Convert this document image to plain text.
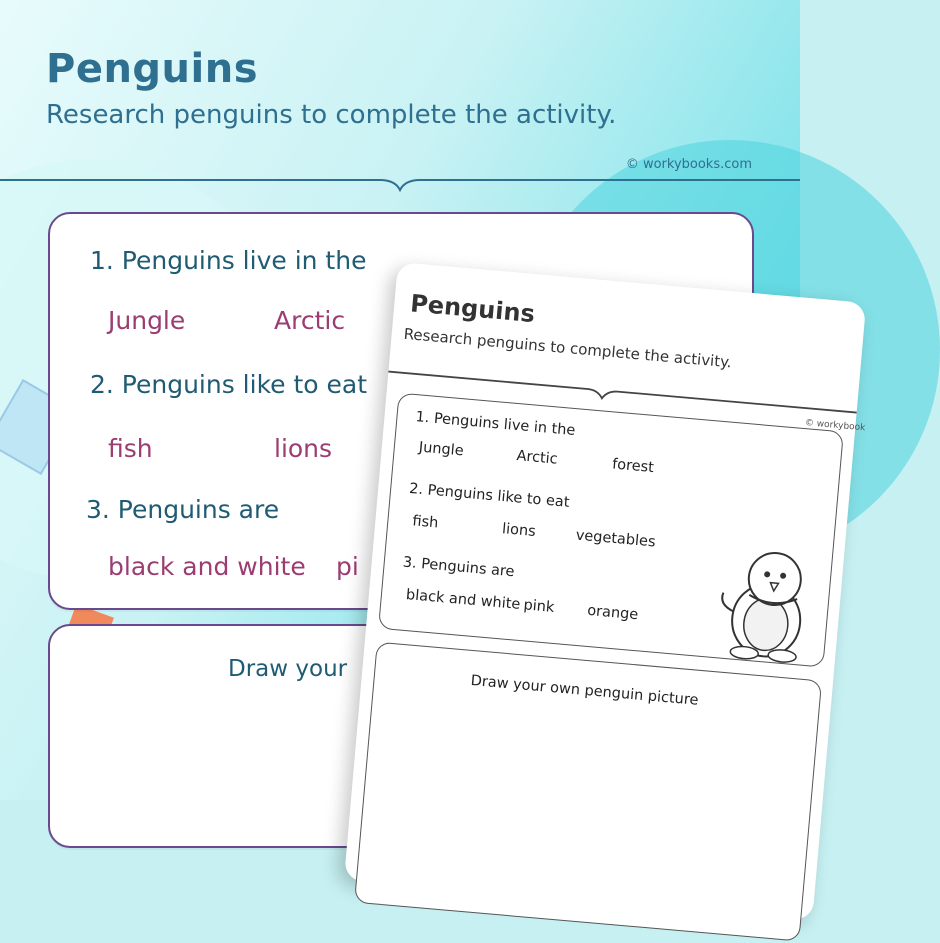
Penguins
Research penguins to complete the activity.
© workybooks.com
1. Penguins live in the
Jungle	Arctic
2. Penguins like to eat
fish	lions
3. Penguins are
black and white pi
Draw your
Penguins
Research penguins to complete the activity.
© workybook
1. Penguins live in the
Jungle	Arctic	forest
2. Penguins like to eat
fish	lions	vegetables
3. Penguins are
black and white pink orange
Draw your own penguin picture
